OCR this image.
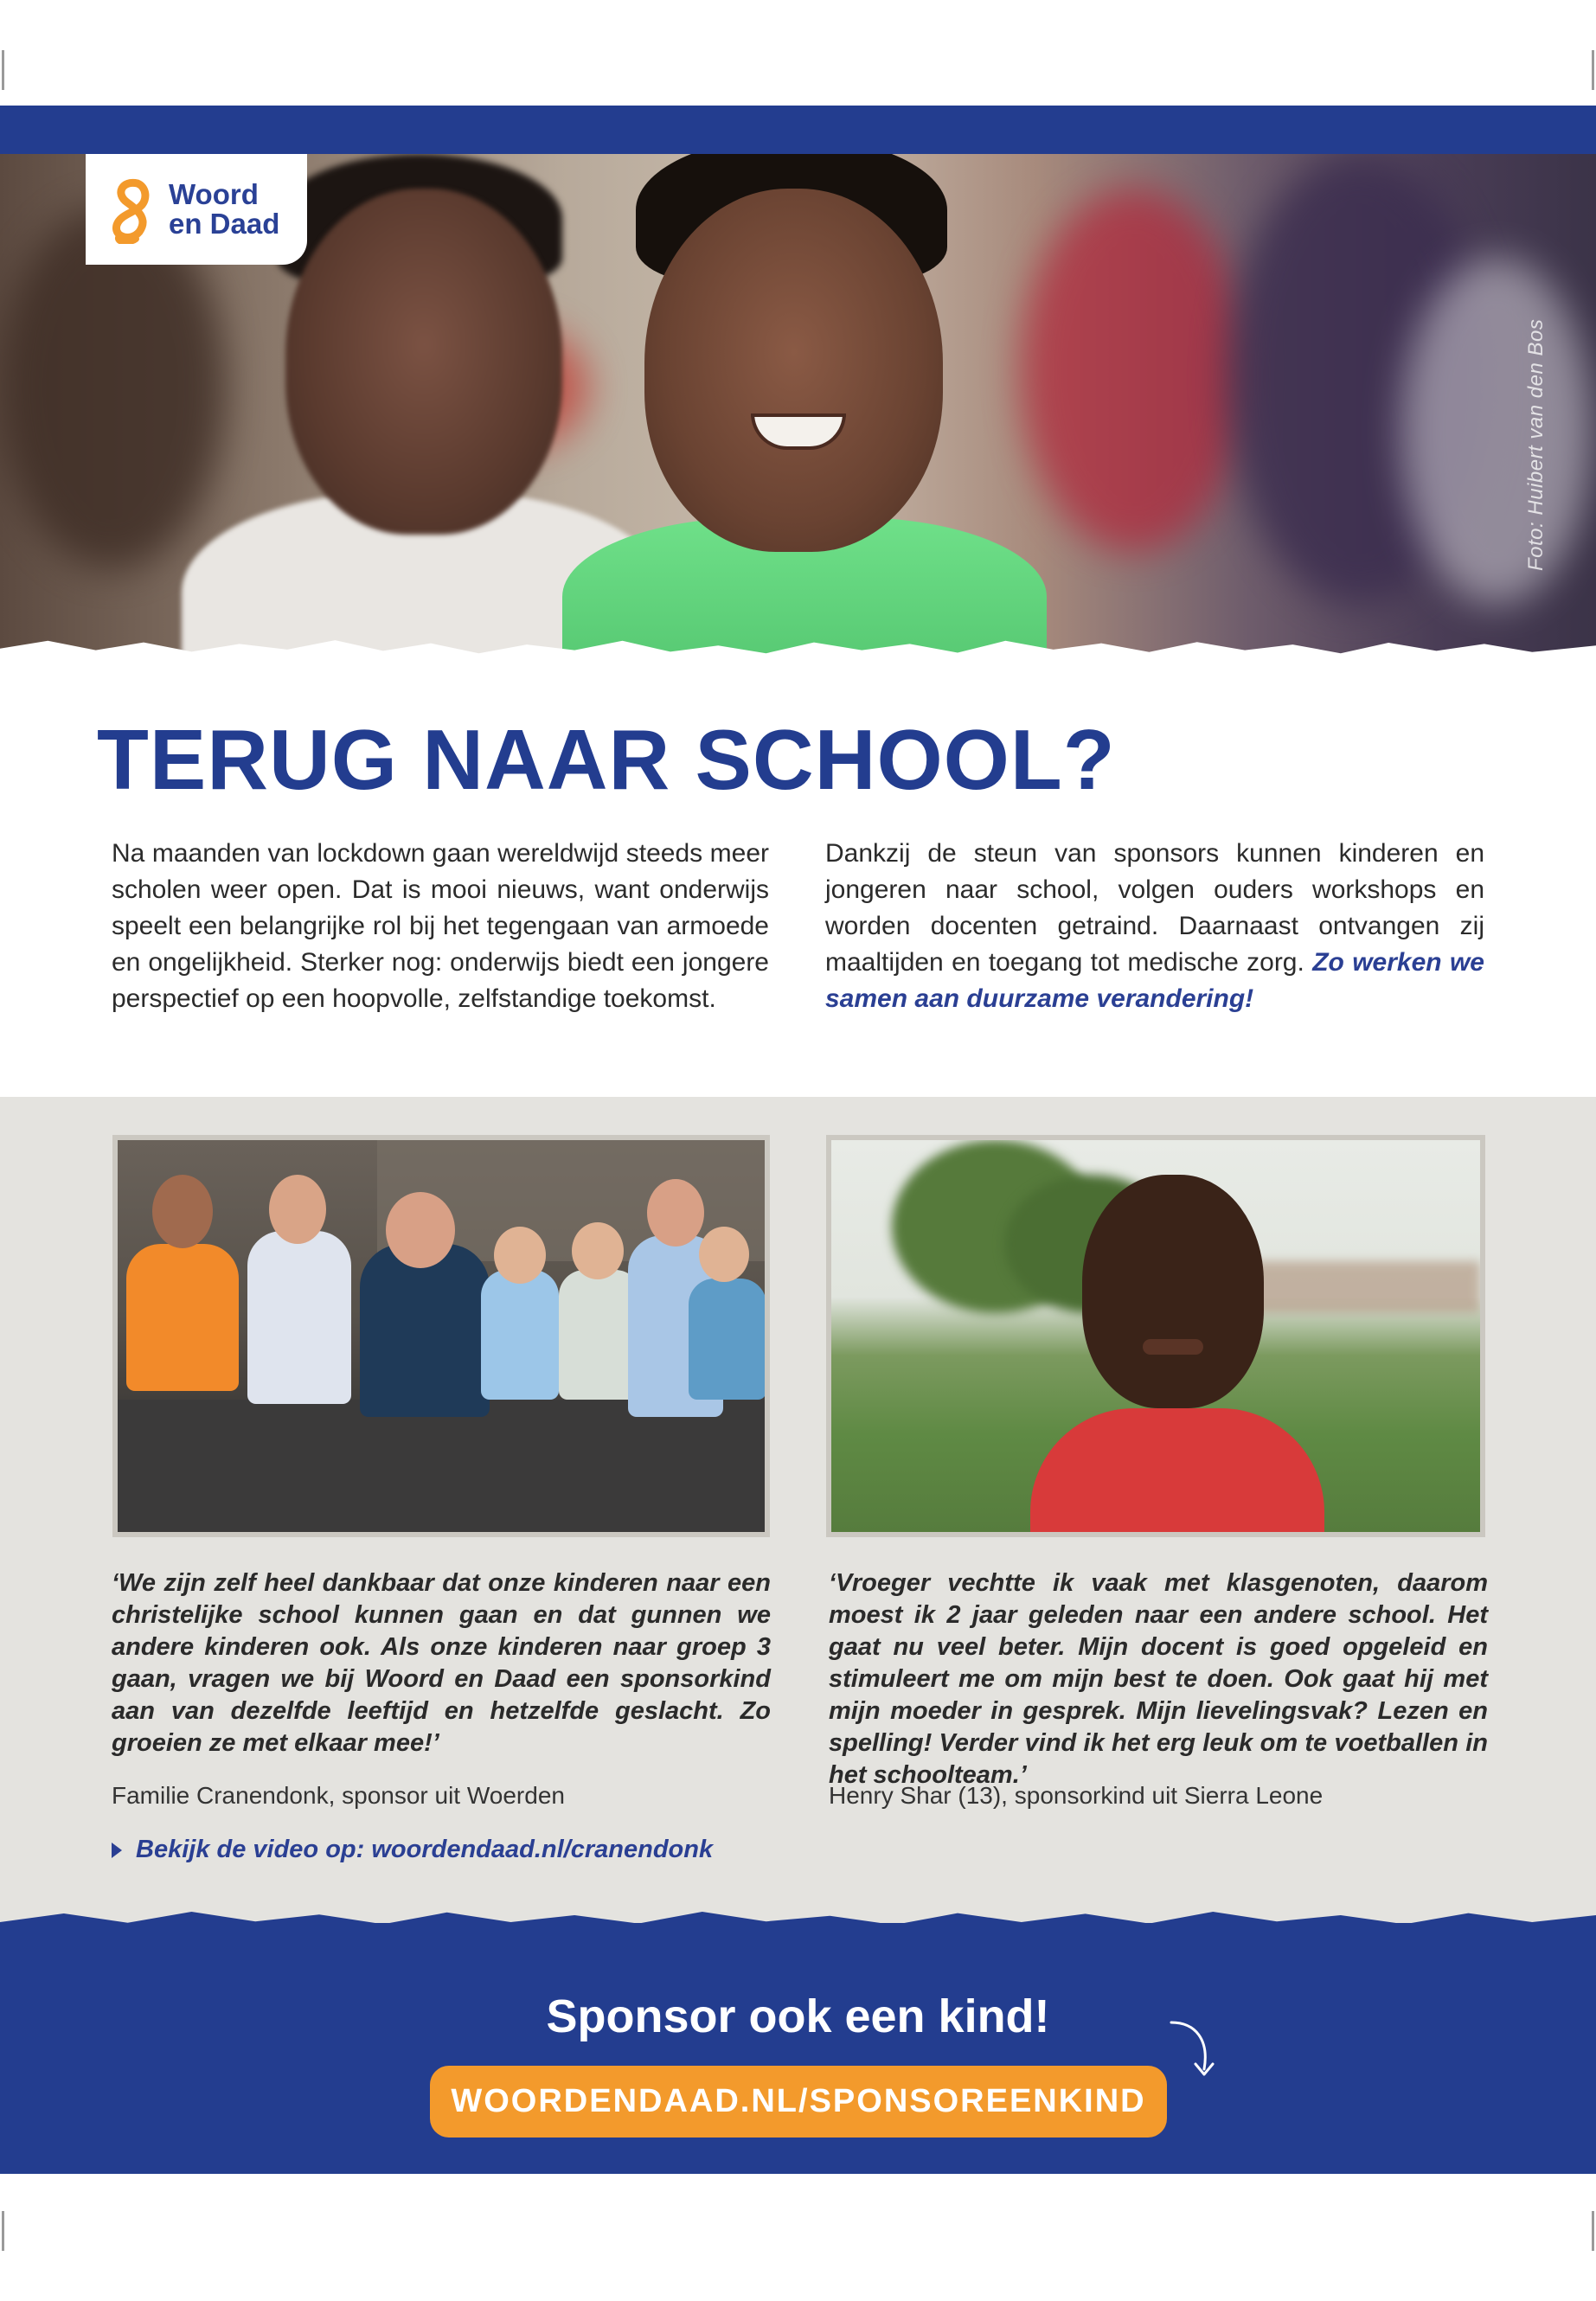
Foto: Huibert van den Bos
Woord
en Daad
TERUG NAAR SCHOOL?

Na maanden van lockdown gaan wereldwijd steeds meer scholen weer open. Dat is mooi nieuws, want onderwijs speelt een belangrijke rol bij het tegengaan van armoede en ongelijkheid. Sterker nog: onderwijs biedt een jongere perspectief op een hoopvolle, zelfstandige toekomst.

Dankzij de steun van sponsors kunnen kinderen en jongeren naar school, volgen ouders workshops en worden docenten getraind. Daarnaast ontvangen zij maaltijden en toegang tot medische zorg. Zo werken we samen aan duurzame verandering!

‘We zijn zelf heel dankbaar dat onze kinderen naar een christelijke school kunnen gaan en dat gunnen we andere kinderen ook. Als onze kinderen naar groep 3 gaan, vragen we bij Woord en Daad een sponsorkind aan van dezelfde leeftijd en hetzelfde geslacht. Zo groeien ze met elkaar mee!’

‘Vroeger vechtte ik vaak met klasgenoten, daarom moest ik 2 jaar geleden naar een andere school. Het gaat nu veel beter. Mijn docent is goed opgeleid en stimuleert me om mijn best te doen. Ook gaat hij met mijn moeder in gesprek. Mijn lievelingsvak? Lezen en spelling! Verder vind ik het erg leuk om te voetballen in het schoolteam.’

Familie Cranendonk, sponsor uit Woerden	Henry Shar (13), sponsorkind uit Sierra Leone
Bekijk de video op: woordendaad.nl/cranendonk
Sponsor ook een kind!
WOORDENDAAD.NL/SPONSOREENKIND
